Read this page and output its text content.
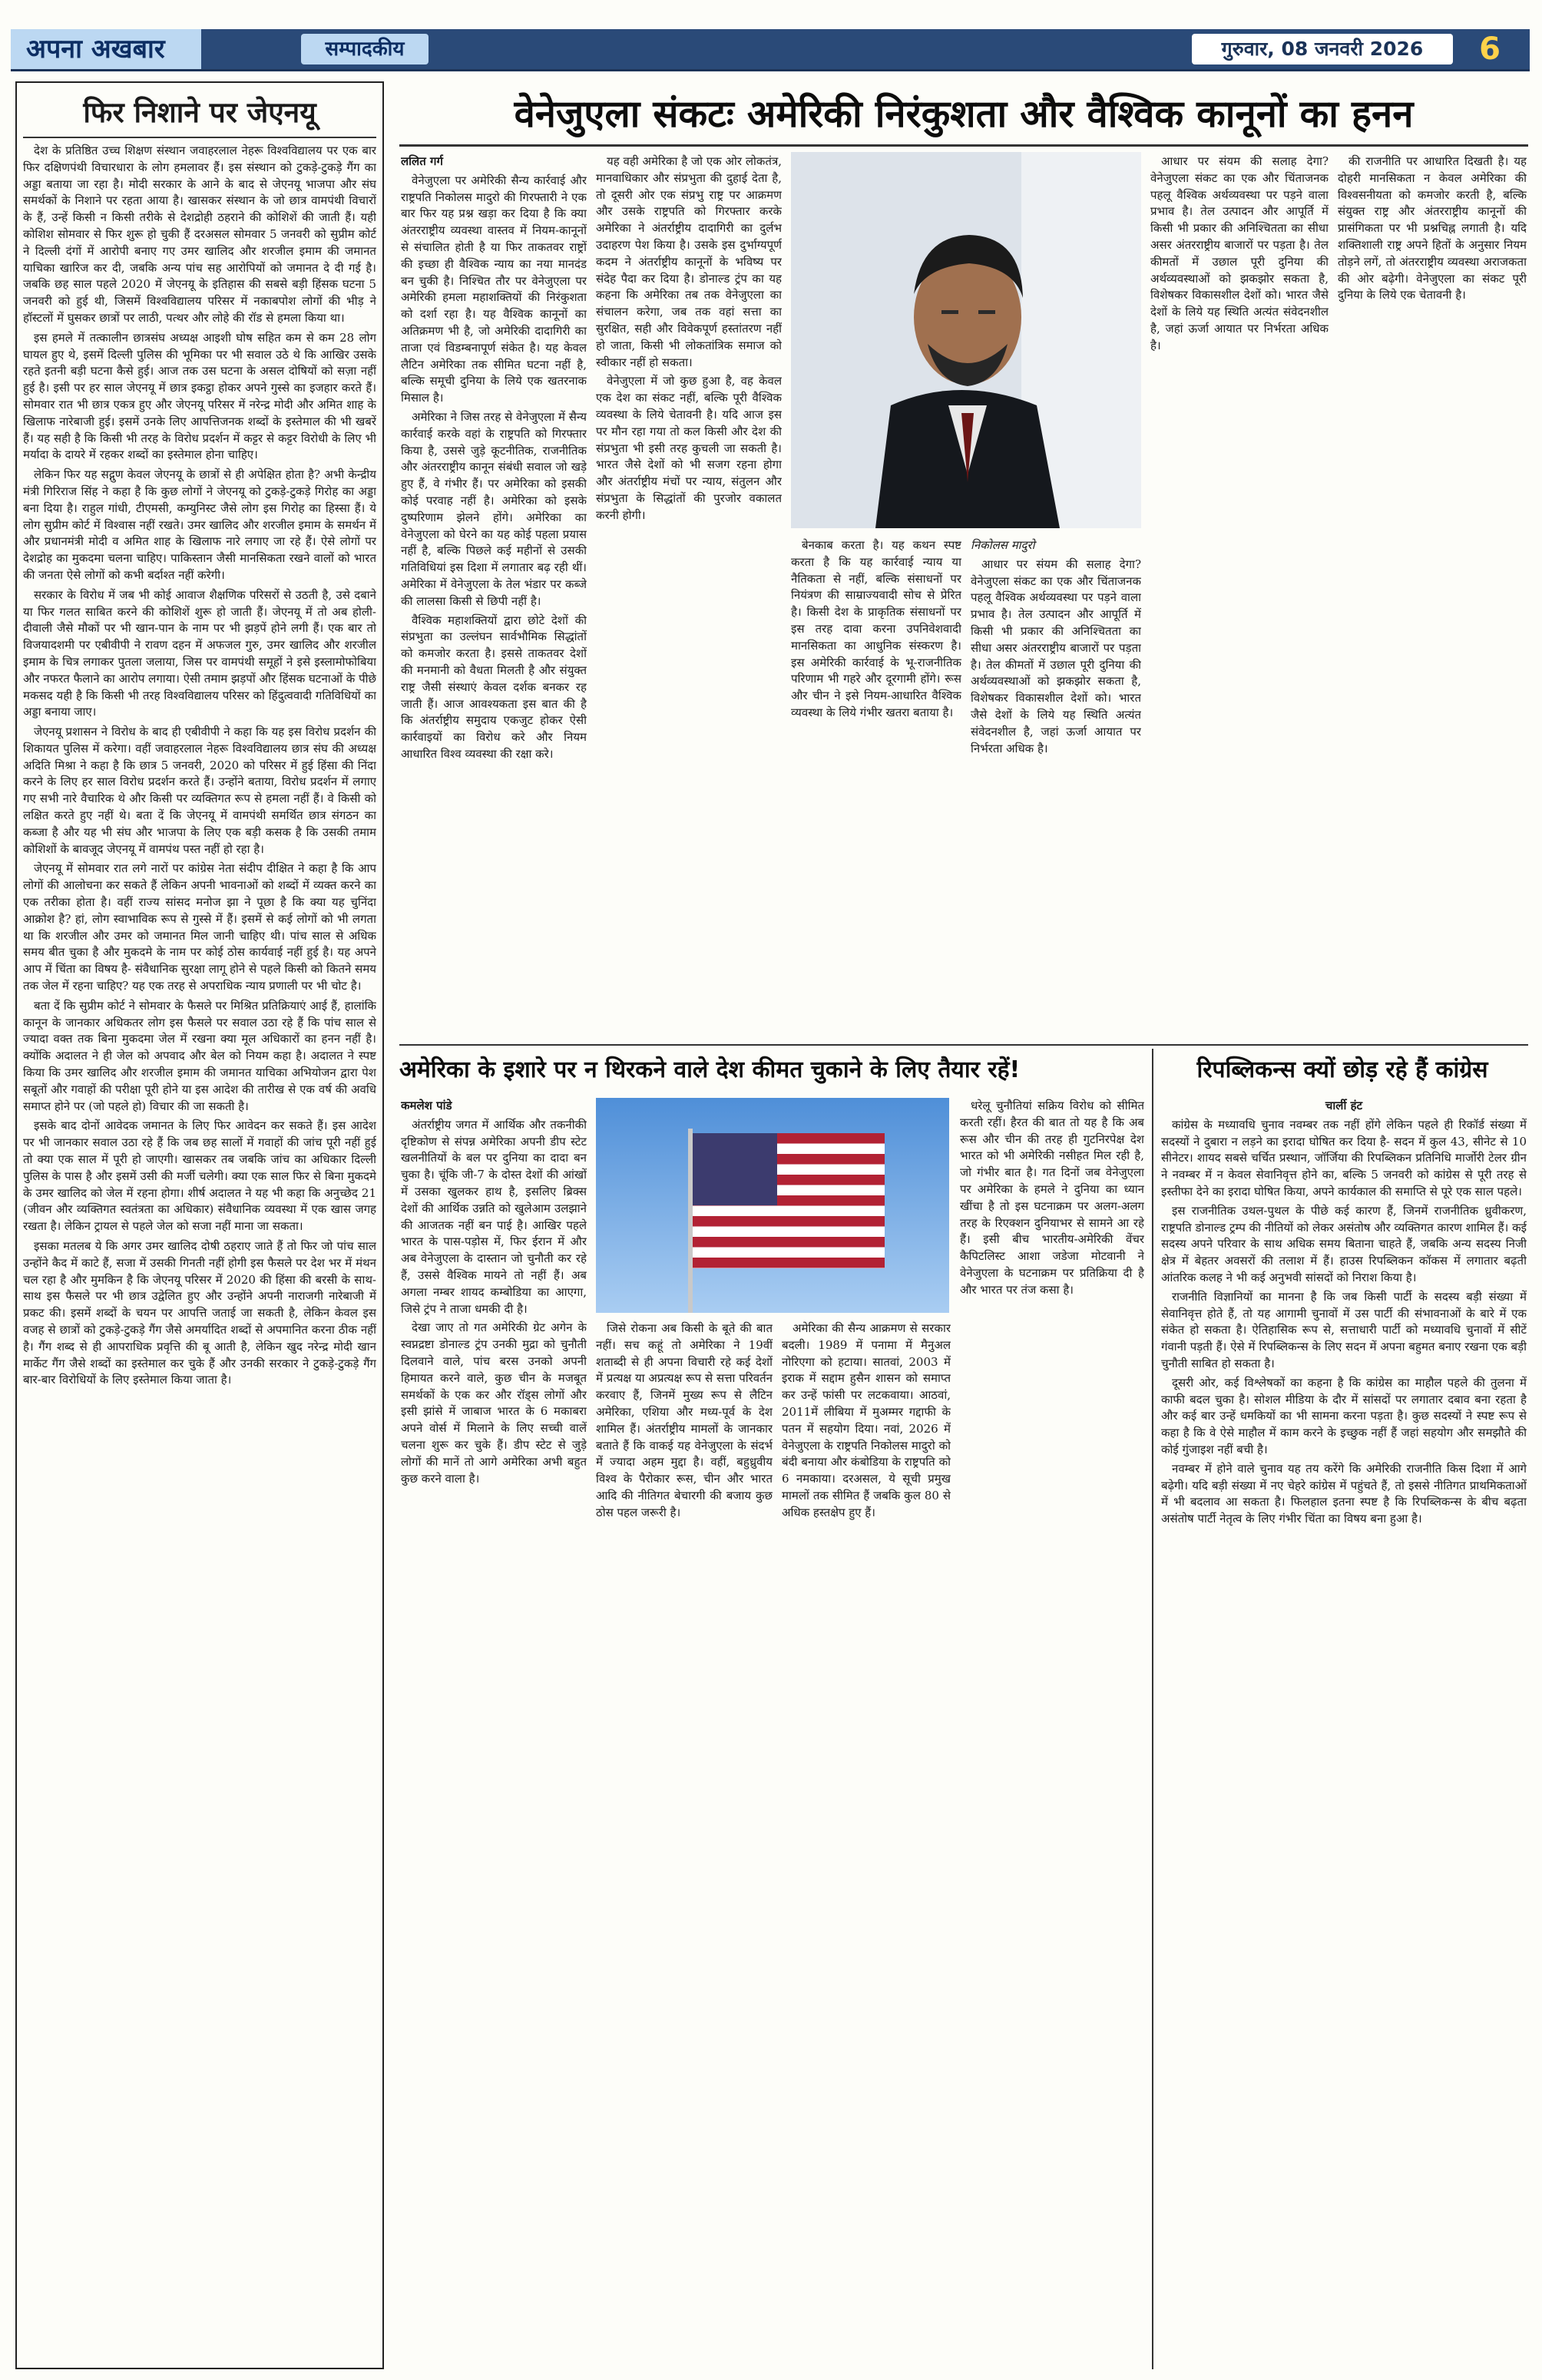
अपना अखबार	सम्पादकीय	गुरुवार, 08 जनवरी 2026	6
फिर निशाने पर जेएनयू

देश के प्रतिष्ठित उच्च शिक्षण संस्थान जवाहरलाल नेहरू विश्वविद्यालय पर एक बार फिर दक्षिणपंथी विचारधारा के लोग हमलावर हैं। इस संस्थान को टुकड़े-टुकड़े गैंग का अड्डा बताया जा रहा है। मोदी सरकार के आने के बाद से जेएनयू भाजपा और संघ समर्थकों के निशाने पर रहता आया है। खासकर संस्थान के जो छात्र वामपंथी विचारों के हैं, उन्हें किसी न किसी तरीके से देशद्रोही ठहराने की कोशिशें की जाती हैं। यही कोशिश सोमवार से फिर शुरू हो चुकी हैं दरअसल सोमवार 5 जनवरी को सुप्रीम कोर्ट ने दिल्ली दंगों में आरोपी बनाए गए उमर खालिद और शरजील इमाम की जमानत याचिका खारिज कर दी, जबकि अन्य पांच सह आरोपियों को जमानत दे दी गई है। जबकि छह साल पहले 2020 में जेएनयू के इतिहास की सबसे बड़ी हिंसक घटना 5 जनवरी को हुई थी, जिसमें विश्वविद्यालय परिसर में नकाबपोश लोगों की भीड़ ने हॉस्टलों में घुसकर छात्रों पर लाठी, पत्थर और लोहे की रॉड से हमला किया था।

इस हमले में तत्कालीन छात्रसंघ अध्यक्ष आइशी घोष सहित कम से कम 28 लोग घायल हुए थे, इसमें दिल्ली पुलिस की भूमिका पर भी सवाल उठे थे कि आखिर उसके रहते इतनी बड़ी घटना कैसे हुई। आज तक उस घटना के असल दोषियों को सज़ा नहीं हुई है। इसी पर हर साल जेएनयू में छात्र इकट्ठा होकर अपने गुस्से का इजहार करते हैं। सोमवार रात भी छात्र एकत्र हुए और जेएनयू परिसर में नरेन्द्र मोदी और अमित शाह के खिलाफ नारेबाजी हुई। इसमें उनके लिए आपत्तिजनक शब्दों के इस्तेमाल की भी खबरें हैं। यह सही है कि किसी भी तरह के विरोध प्रदर्शन में कट्टर से कट्टर विरोधी के लिए भी मर्यादा के दायरे में रहकर शब्दों का इस्तेमाल होना चाहिए।

लेकिन फिर यह सद्गुण केवल जेएनयू के छात्रों से ही अपेक्षित होता है? अभी केन्द्रीय मंत्री गिरिराज सिंह ने कहा है कि कुछ लोगों ने जेएनयू को टुकड़े-टुकड़े गिरोह का अड्डा बना दिया है। राहुल गांधी, टीएमसी, कम्युनिस्ट जैसे लोग इस गिरोह का हिस्सा हैं। ये लोग सुप्रीम कोर्ट में विश्वास नहीं रखते। उमर खालिद और शरजील इमाम के समर्थन में और प्रधानमंत्री मोदी व अमित शाह के खिलाफ नारे लगाए जा रहे हैं। ऐसे लोगों पर देशद्रोह का मुकदमा चलना चाहिए। पाकिस्तान जैसी मानसिकता रखने वालों को भारत की जनता ऐसे लोगों को कभी बर्दाश्त नहीं करेगी।

सरकार के विरोध में जब भी कोई आवाज शैक्षणिक परिसरों से उठती है, उसे दबाने या फिर गलत साबित करने की कोशिशें शुरू हो जाती हैं। जेएनयू में तो अब होली-दीवाली जैसे मौकों पर भी खान-पान के नाम पर भी झड़पें होने लगी हैं। एक बार तो विजयादशमी पर एबीवीपी ने रावण दहन में अफजल गुरु, उमर खालिद और शरजील इमाम के चित्र लगाकर पुतला जलाया, जिस पर वामपंथी समूहों ने इसे इस्लामोफोबिया और नफरत फैलाने का आरोप लगाया। ऐसी तमाम झड़पों और हिंसक घटनाओं के पीछे मकसद यही है कि किसी भी तरह विश्वविद्यालय परिसर को हिंदुत्ववादी गतिविधियों का अड्डा बनाया जाए।

जेएनयू प्रशासन ने विरोध के बाद ही एबीवीपी ने कहा कि यह इस विरोध प्रदर्शन की शिकायत पुलिस में करेगा। वहीं जवाहरलाल नेहरू विश्वविद्यालय छात्र संघ की अध्यक्ष अदिति मिश्रा ने कहा है कि छात्र 5 जनवरी, 2020 को परिसर में हुई हिंसा की निंदा करने के लिए हर साल विरोध प्रदर्शन करते हैं। उन्होंने बताया, विरोध प्रदर्शन में लगाए गए सभी नारे वैचारिक थे और किसी पर व्यक्तिगत रूप से हमला नहीं हैं। वे किसी को लक्षित करते हुए नहीं थे। बता दें कि जेएनयू में वामपंथी समर्थित छात्र संगठन का कब्जा है और यह भी संघ और भाजपा के लिए एक बड़ी कसक है कि उसकी तमाम कोशिशों के बावजूद जेएनयू में वामपंथ पस्त नहीं हो रहा है।

जेएनयू में सोमवार रात लगे नारों पर कांग्रेस नेता संदीप दीक्षित ने कहा है कि आप लोगों की आलोचना कर सकते हैं लेकिन अपनी भावनाओं को शब्दों में व्यक्त करने का एक तरीका होता है। वहीं राज्य सांसद मनोज झा ने पूछा है कि क्या यह चुनिंदा आक्रोश है? हां, लोग स्वाभाविक रूप से गुस्से में हैं। इसमें से कई लोगों को भी लगता था कि शरजील और उमर को जमानत मिल जानी चाहिए थी। पांच साल से अधिक समय बीत चुका है और मुकदमे के नाम पर कोई ठोस कार्यवाई नहीं हुई है। यह अपने आप में चिंता का विषय है- संवैधानिक सुरक्षा लागू होने से पहले किसी को कितने समय तक जेल में रहना चाहिए? यह एक तरह से अपराधिक न्याय प्रणाली पर भी चोट है।

बता दें कि सुप्रीम कोर्ट ने सोमवार के फैसले पर मिश्रित प्रतिक्रियाएं आई हैं, हालांकि कानून के जानकार अधिकतर लोग इस फैसले पर सवाल उठा रहे हैं कि पांच साल से ज्यादा वक्त तक बिना मुकदमा जेल में रखना क्या मूल अधिकारों का हनन नहीं है। क्योंकि अदालत ने ही जेल को अपवाद और बेल को नियम कहा है। अदालत ने स्पष्ट किया कि उमर खालिद और शरजील इमाम की जमानत याचिका अभियोजन द्वारा पेश सबूतों और गवाहों की परीक्षा पूरी होने या इस आदेश की तारीख से एक वर्ष की अवधि समाप्त होने पर (जो पहले हो) विचार की जा सकती है।

इसके बाद दोनों आवेदक जमानत के लिए फिर आवेदन कर सकते हैं। इस आदेश पर भी जानकार सवाल उठा रहे हैं कि जब छह सालों में गवाहों की जांच पूरी नहीं हुई तो क्या एक साल में पूरी हो जाएगी। खासकर तब जबकि जांच का अधिकार दिल्ली पुलिस के पास है और इसमें उसी की मर्जी चलेगी। क्या एक साल फिर से बिना मुकदमे के उमर खालिद को जेल में रहना होगा। शीर्ष अदालत ने यह भी कहा कि अनुच्छेद 21 (जीवन और व्यक्तिगत स्वतंत्रता का अधिकार) संवैधानिक व्यवस्था में एक खास जगह रखता है। लेकिन ट्रायल से पहले जेल को सजा नहीं माना जा सकता।

इसका मतलब ये कि अगर उमर खालिद दोषी ठहराए जाते हैं तो फिर जो पांच साल उन्होंने कैद में काटे हैं, सजा में उसकी गिनती नहीं होगी इस फैसले पर देश भर में मंथन चल रहा है और मुमकिन है कि जेएनयू परिसर में 2020 की हिंसा की बरसी के साथ-साथ इस फैसले पर भी छात्र उद्वेलित हुए और उन्होंने अपनी नाराजगी नारेबाजी में प्रकट की। इसमें शब्दों के चयन पर आपत्ति जताई जा सकती है, लेकिन केवल इस वजह से छात्रों को टुकड़े-टुकड़े गैंग जैसे अमर्यादित शब्दों से अपमानित करना ठीक नहीं है। गैंग शब्द से ही आपराधिक प्रवृत्ति की बू आती है, लेकिन खुद नरेन्द्र मोदी खान मार्केट गैंग जैसे शब्दों का इस्तेमाल कर चुके हैं और उनकी सरकार ने टुकड़े-टुकड़े गैंग बार-बार विरोधियों के लिए इस्तेमाल किया जाता है।

वेनेजुएला संकटः अमेरिकी निरंकुशता और वैश्विक कानूनों का हनन

ललित गर्ग

वेनेजुएला पर अमेरिकी सैन्य कार्रवाई और राष्ट्रपति निकोलस मादुरो की गिरफ्तारी ने एक बार फिर यह प्रश्न खड़ा कर दिया है कि क्या अंतरराष्ट्रीय व्यवस्था वास्तव में नियम-कानूनों से संचालित होती है या फिर ताकतवर राष्ट्रों की इच्छा ही वैश्विक न्याय का नया मानदंड बन चुकी है। निश्चित तौर पर वेनेजुएला पर अमेरिकी हमला महाशक्तियों की निरंकुशता को दर्शा रहा है। यह वैश्विक कानूनों का अतिक्रमण भी है, जो अमेरिकी दादागिरी का ताजा एवं विडम्बनापूर्ण संकेत है। यह केवल लैटिन अमेरिका तक सीमित घटना नहीं है, बल्कि समूची दुनिया के लिये एक खतरनाक मिसाल है।

अमेरिका ने जिस तरह से वेनेजुएला में सैन्य कार्रवाई करके वहां के राष्ट्रपति को गिरफ्तार किया है, उससे जुड़े कूटनीतिक, राजनीतिक और अंतरराष्ट्रीय कानून संबंधी सवाल जो खड़े हुए हैं, वे गंभीर हैं। पर अमेरिका को इसकी कोई परवाह नहीं है। अमेरिका को इसके दुष्परिणाम झेलने होंगे। अमेरिका का वेनेजुएला को घेरने का यह कोई पहला प्रयास नहीं है, बल्कि पिछले कई महीनों से उसकी गतिविधियां इस दिशा में लगातार बढ़ रही थीं। अमेरिका में वेनेजुएला के तेल भंडार पर कब्जे की लालसा किसी से छिपी नहीं है।

वैश्विक महाशक्तियों द्वारा छोटे देशों की संप्रभुता का उल्लंघन सार्वभौमिक सिद्धांतों को कमजोर करता है। इससे ताकतवर देशों की मनमानी को वैधता मिलती है और संयुक्त राष्ट्र जैसी संस्थाएं केवल दर्शक बनकर रह जाती हैं। आज आवश्यकता इस बात की है कि अंतर्राष्ट्रीय समुदाय एकजुट होकर ऐसी कार्रवाइयों का विरोध करे और नियम आधारित विश्व व्यवस्था की रक्षा करे।

यह वही अमेरिका है जो एक ओर लोकतंत्र, मानवाधिकार और संप्रभुता की दुहाई देता है, तो दूसरी ओर एक संप्रभु राष्ट्र पर आक्रमण और उसके राष्ट्रपति को गिरफ्तार करके अमेरिका ने अंतर्राष्ट्रीय दादागिरी का दुर्लभ उदाहरण पेश किया है। उसके इस दुर्भाग्यपूर्ण कदम ने अंतर्राष्ट्रीय कानूनों के भविष्य पर संदेह पैदा कर दिया है। डोनाल्ड ट्रंप का यह कहना कि अमेरिका तब तक वेनेजुएला का संचालन करेगा, जब तक वहां सत्ता का सुरक्षित, सही और विवेकपूर्ण हस्तांतरण नहीं हो जाता, किसी भी लोकतांत्रिक समाज को स्वीकार नहीं हो सकता।

वेनेजुएला में जो कुछ हुआ है, वह केवल एक देश का संकट नहीं, बल्कि पूरी वैश्विक व्यवस्था के लिये चेतावनी है। यदि आज इस पर मौन रहा गया तो कल किसी और देश की संप्रभुता भी इसी तरह कुचली जा सकती है। भारत जैसे देशों को भी सजग रहना होगा और अंतर्राष्ट्रीय मंचों पर न्याय, संतुलन और संप्रभुता के सिद्धांतों की पुरजोर वकालत करनी होगी।

बेनकाब करता है। यह कथन स्पष्ट करता है कि यह कार्रवाई न्याय या नैतिकता से नहीं, बल्कि संसाधनों पर नियंत्रण की साम्राज्यवादी सोच से प्रेरित है। किसी देश के प्राकृतिक संसाधनों पर इस तरह दावा करना उपनिवेशवादी मानसिकता का आधुनिक संस्करण है। इस अमेरिकी कार्रवाई के भू-राजनीतिक परिणाम भी गहरे और दूरगामी होंगे। रूस और चीन ने इसे नियम-आधारित वैश्विक व्यवस्था के लिये गंभीर खतरा बताया है।

निकोलस मादुरो

आधार पर संयम की सलाह देगा? वेनेजुएला संकट का एक और चिंताजनक पहलू वैश्विक अर्थव्यवस्था पर पड़ने वाला प्रभाव है। तेल उत्पादन और आपूर्ति में किसी भी प्रकार की अनिश्चितता का सीधा असर अंतरराष्ट्रीय बाजारों पर पड़ता है। तेल कीमतों में उछाल पूरी दुनिया की अर्थव्यवस्थाओं को झकझोर सकता है, विशेषकर विकासशील देशों को। भारत जैसे देशों के लिये यह स्थिति अत्यंत संवेदनशील है, जहां ऊर्जा आयात पर निर्भरता अधिक है।

आधार पर संयम की सलाह देगा? वेनेजुएला संकट का एक और चिंताजनक पहलू वैश्विक अर्थव्यवस्था पर पड़ने वाला प्रभाव है। तेल उत्पादन और आपूर्ति में किसी भी प्रकार की अनिश्चितता का सीधा असर अंतरराष्ट्रीय बाजारों पर पड़ता है। तेल कीमतों में उछाल पूरी दुनिया की अर्थव्यवस्थाओं को झकझोर सकता है, विशेषकर विकासशील देशों को। भारत जैसे देशों के लिये यह स्थिति अत्यंत संवेदनशील है, जहां ऊर्जा आयात पर निर्भरता अधिक है।

की राजनीति पर आधारित दिखती है। यह दोहरी मानसिकता न केवल अमेरिका की विश्वसनीयता को कमजोर करती है, बल्कि संयुक्त राष्ट्र और अंतरराष्ट्रीय कानूनों की प्रासंगिकता पर भी प्रश्नचिह्न लगाती है। यदि शक्तिशाली राष्ट्र अपने हितों के अनुसार नियम तोड़ने लगें, तो अंतरराष्ट्रीय व्यवस्था अराजकता की ओर बढ़ेगी। वेनेजुएला का संकट पूरी दुनिया के लिये एक चेतावनी है।

अमेरिका के इशारे पर न थिरकने वाले देश कीमत चुकाने के लिए तैयार रहें!	रिपब्लिकन्स क्यों छोड़ रहे हैं कांग्रेस

कमलेश पांडे

अंतर्राष्ट्रीय जगत में आर्थिक और तकनीकी दृष्टिकोण से संपन्न अमेरिका अपनी डीप स्टेट खलनीतियों के बल पर दुनिया का दादा बन चुका है। चूंकि जी-7 के दोस्त देशों की आंखों में उसका खुलकर हाथ है, इसलिए ब्रिक्स देशों की आर्थिक उन्नति को खुलेआम उलझाने की आजतक नहीं बन पाई है। आखिर पहले भारत के पास-पड़ोस में, फिर ईरान में और अब वेनेजुएला के दास्तान जो चुनौती कर रहे हैं, उससे वैश्विक मायने तो नहीं हैं। अब अगला नम्बर शायद कम्बोडिया का आएगा, जिसे ट्रंप ने ताजा धमकी दी है।

देखा जाए तो गत अमेरिकी ग्रेट अगेन के स्वप्नद्रष्टा डोनाल्ड ट्रंप उनकी मुद्रा को चुनौती दिलवाने वाले, पांच बरस उनको अपनी हिमायत करने वाले, कुछ चीन के मजबूत समर्थकों के एक कर और रॉड्स लोगों और इसी झांसे में जाबाज भारत के 6 मकाबरा अपने वोर्स में मिलाने के लिए सच्ची वालें चलना शुरू कर चुके हैं। डीप स्टेट से जुड़े लोगों की मानें तो आगे अमेरिका अभी बहुत कुछ करने वाला है।

जिसे रोकना अब किसी के बूते की बात नहीं। सच कहूं तो अमेरिका ने 19वीं शताब्दी से ही अपना विचारी रहे कई देशों में प्रत्यक्ष या अप्रत्यक्ष रूप से सत्ता परिवर्तन करवाए हैं, जिनमें मुख्य रूप से लैटिन अमेरिका, एशिया और मध्य-पूर्व के देश शामिल हैं। अंतर्राष्ट्रीय मामलों के जानकार बताते हैं कि वाकई यह वेनेजुएला के संदर्भ में ज्यादा अहम मुद्दा है। वहीं, बहुध्रुवीय विश्व के पैरोकार रूस, चीन और भारत आदि की नीतिगत बेचारगी की बजाय कुछ ठोस पहल जरूरी है।

अमेरिका की सैन्य आक्रमण से सरकार बदली। 1989 में पनामा में मैनुअल नोरिएगा को हटाया। सातवां, 2003 में इराक में सद्दाम हुसैन शासन को समाप्त कर उन्हें फांसी पर लटकवाया। आठवां, 2011में लीबिया में मुअम्मर गद्दाफी के पतन में सहयोग दिया। नवां, 2026 में वेनेजुएला के राष्ट्रपति निकोलस मादुरो को बंदी बनाया और कंबोडिया के राष्ट्रपति को 6 नमकाया। दरअसल, ये सूची प्रमुख मामलों तक सीमित हैं जबकि कुल 80 से अधिक हस्तक्षेप हुए हैं।

धरेलू चुनौतियां सक्रिय विरोध को सीमित करती रहीं। हैरत की बात तो यह है कि अब रूस और चीन की तरह ही गुटनिरपेक्ष देश भारत को भी अमेरिकी नसीहत मिल रही है, जो गंभीर बात है। गत दिनों जब वेनेजुएला पर अमेरिका के हमले ने दुनिया का ध्यान खींचा है तो इस घटनाक्रम पर अलग-अलग तरह के रिएक्शन दुनियाभर से सामने आ रहे हैं। इसी बीच भारतीय-अमेरिकी वेंचर कैपिटलिस्ट आशा जडेजा मोटवानी ने वेनेजुएला के घटनाक्रम पर प्रतिक्रिया दी है और भारत पर तंज कसा है।

चार्ली हंट

कांग्रेस के मध्यावधि चुनाव नवम्बर तक नहीं होंगे लेकिन पहले ही रिकॉर्ड संख्या में सदस्यों ने दुबारा न लड़ने का इरादा घोषित कर दिया है- सदन में कुल 43, सीनेट से 10 सीनेटर। शायद सबसे चर्चित प्रस्थान, जॉर्जिया की रिपब्लिकन प्रतिनिधि मार्जोरी टेलर ग्रीन ने नवम्बर में न केवल सेवानिवृत्त होने का, बल्कि 5 जनवरी को कांग्रेस से पूरी तरह से इस्तीफा देने का इरादा घोषित किया, अपने कार्यकाल की समाप्ति से पूरे एक साल पहले।

इस राजनीतिक उथल-पुथल के पीछे कई कारण हैं, जिनमें राजनीतिक ध्रुवीकरण, राष्ट्रपति डोनाल्ड ट्रम्प की नीतियों को लेकर असंतोष और व्यक्तिगत कारण शामिल हैं। कई सदस्य अपने परिवार के साथ अधिक समय बिताना चाहते हैं, जबकि अन्य सदस्य निजी क्षेत्र में बेहतर अवसरों की तलाश में हैं। हाउस रिपब्लिकन कॉकस में लगातार बढ़ती आंतरिक कलह ने भी कई अनुभवी सांसदों को निराश किया है।

राजनीति विज्ञानियों का मानना है कि जब किसी पार्टी के सदस्य बड़ी संख्या में सेवानिवृत्त होते हैं, तो यह आगामी चुनावों में उस पार्टी की संभावनाओं के बारे में एक संकेत हो सकता है। ऐतिहासिक रूप से, सत्ताधारी पार्टी को मध्यावधि चुनावों में सीटें गंवानी पड़ती हैं। ऐसे में रिपब्लिकन्स के लिए सदन में अपना बहुमत बनाए रखना एक बड़ी चुनौती साबित हो सकता है।

दूसरी ओर, कई विश्लेषकों का कहना है कि कांग्रेस का माहौल पहले की तुलना में काफी बदल चुका है। सोशल मीडिया के दौर में सांसदों पर लगातार दबाव बना रहता है और कई बार उन्हें धमकियों का भी सामना करना पड़ता है। कुछ सदस्यों ने स्पष्ट रूप से कहा है कि वे ऐसे माहौल में काम करने के इच्छुक नहीं हैं जहां सहयोग और समझौते की कोई गुंजाइश नहीं बची है।

नवम्बर में होने वाले चुनाव यह तय करेंगे कि अमेरिकी राजनीति किस दिशा में आगे बढ़ेगी। यदि बड़ी संख्या में नए चेहरे कांग्रेस में पहुंचते हैं, तो इससे नीतिगत प्राथमिकताओं में भी बदलाव आ सकता है। फिलहाल इतना स्पष्ट है कि रिपब्लिकन्स के बीच बढ़ता असंतोष पार्टी नेतृत्व के लिए गंभीर चिंता का विषय बना हुआ है।
